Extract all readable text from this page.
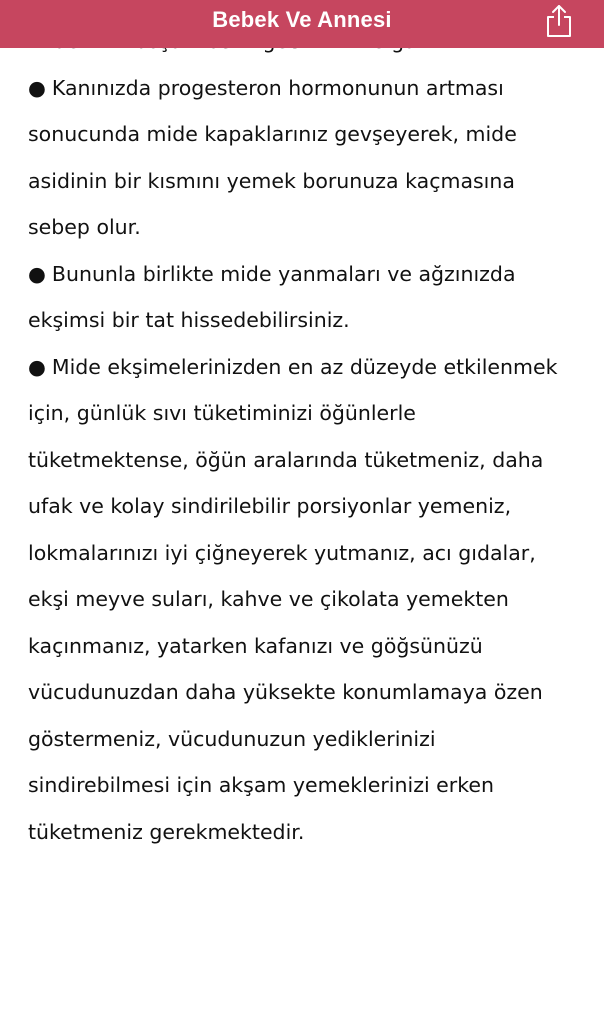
Bebek Ve Annesi

● Kanınızda progesteron hormonunun artması sonucunda mide kapaklarınız gevşeyerek, mide asidinin bir kısmını yemek borunuza kaçmasına sebep olur.

● Bununla birlikte mide yanmaları ve ağzınızda ekşimsi bir tat hissedebilirsiniz.

● Mide ekşimelerinizden en az düzeyde etkilenmek için, günlük sıvı tüketiminizi öğünlerle tüketmektense, öğün aralarında tüketmeniz, daha ufak ve kolay sindirilebilir porsiyonlar yemeniz, lokmalarınızı iyi çiğneyerek yutmanız, acı gıdalar, ekşi meyve suları, kahve ve çikolata yemekten kaçınmanız, yatarken kafanızı ve göğsünüzü vücudunuzdan daha yüksekte konumlamaya özen göstermeniz, vücudunuzun yediklerinizi sindirebilmesi için akşam yemeklerinizi erken tüketmeniz gerekmektedir.
